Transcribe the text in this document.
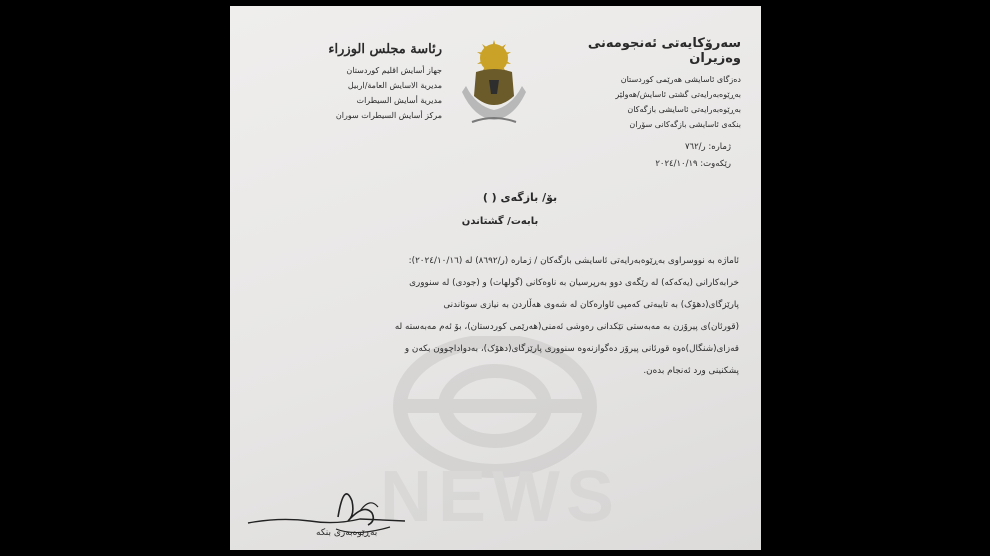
NEWS
سەرۆکایەتی ئەنجومەنی وەزیران
دەزگای ئاسایشی هەرێمی کوردستان
بەڕێوەبەرایەتی گشتی ئاسایش/هەولێر
بەڕێوەبەرایەتی ئاسایشی بازگەکان
بنکەی ئاسایشی بازگەکانی سۆران
رئاسة مجلس الوزراء
جهاز أسايش اقليم كوردستان
مديرية الاسايش العامة/اربيل
مديرية أسايش السيطرات
مركز أسايش السيطرات سوران
ژمارە: ر/٧٦٢
رێکەوت: ٢٠٢٤/١٠/١٩
بۆ/ بازگەی ( )
بابەت/ گشتاندن

ئاماژە بە نووسراوی بەڕێوەبەرایەتی ئاسایشی بازگەکان / ژمارە (ر/٨٦٩٢) لە (٢٠٢٤/١٠/١٦):

خرابەکارانی (یەکەکە) لە رێگەی دوو بەرپرسیان بە ناوەکانی (گولهات) و (جودی) لە سنووری

پارێزگای(دهۆک) بە تایبەتی کەمپی ئاوارەکان لە شەوی هەڵاردن بە نیازی سوتاندنی

(قورئان)ی پیرۆزن بە مەبەستی تێکدانی رەوشی ئەمنی(هەرێمی کوردستان)، بۆ ئەم مەبەستە لە

قەزای(شنگال)ەوە قورئانی پیرۆز دەگوازنەوە سنووری پارێزگای(دهۆک)، بەدواداچوون بکەن و

پشکنینی ورد ئەنجام بدەن.

بەڕێوەبەری بنکە
